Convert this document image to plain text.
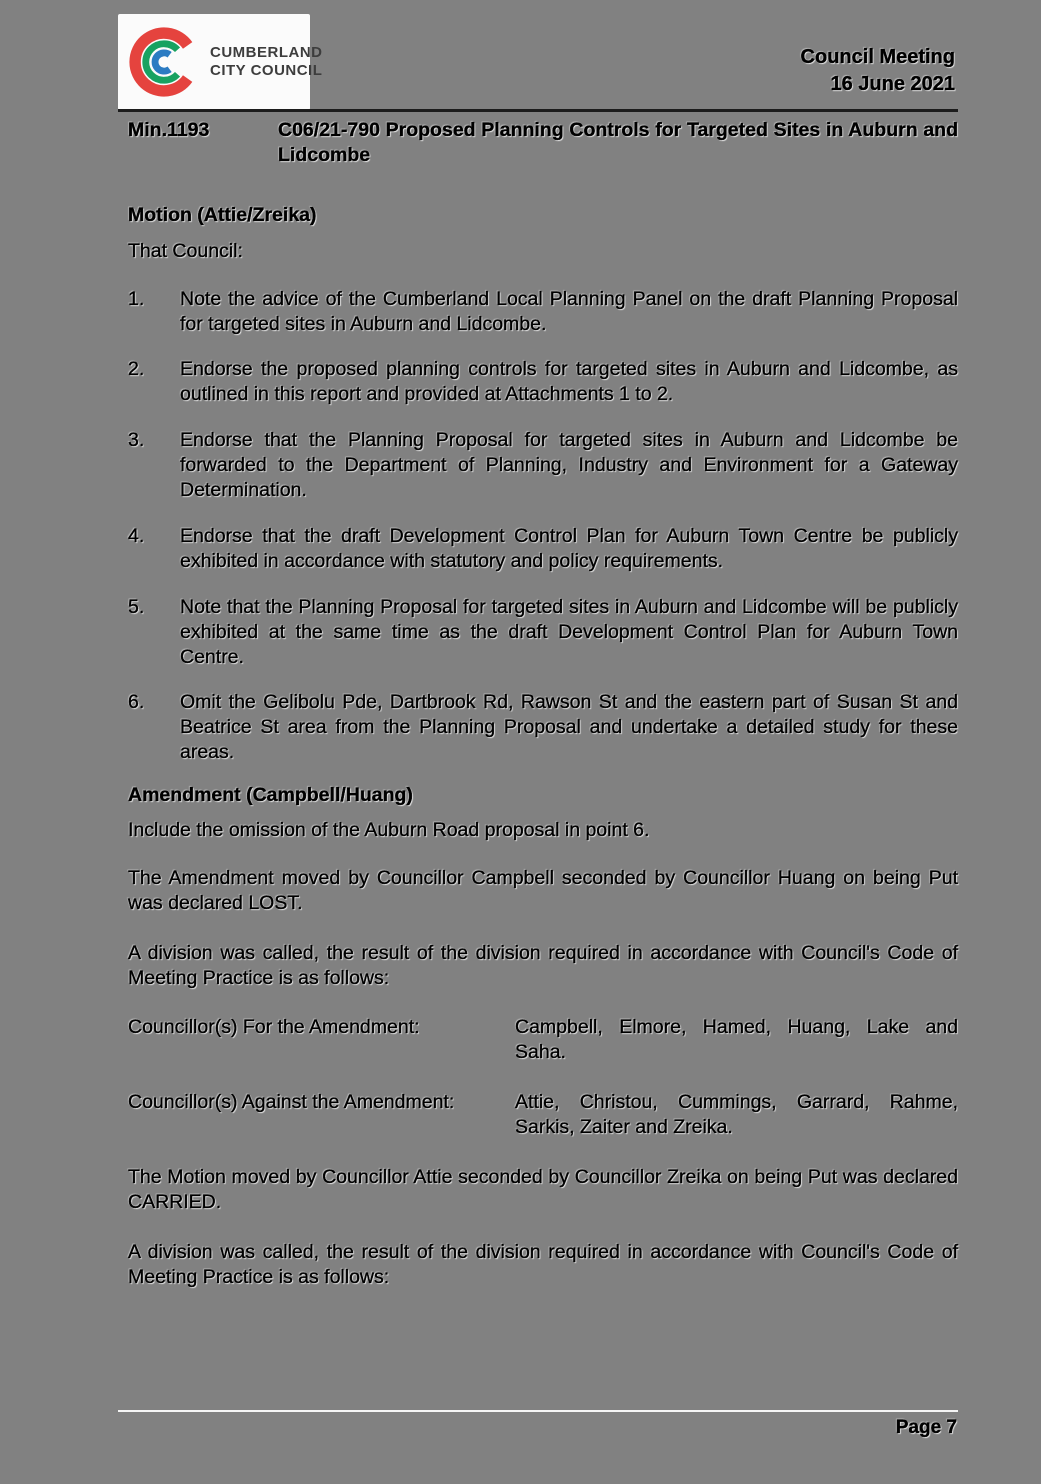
CUMBERLAND
CITY COUNCIL
Council Meeting
16 June 2021
Min.1193	C06/21-790 Proposed Planning Controls for Targeted Sites in Auburn and Lidcombe
Motion (Attie/Zreika)
That Council:
1.	Note the advice of the Cumberland Local Planning Panel on the draft Planning Proposal for targeted sites in Auburn and Lidcombe.
2.	Endorse the proposed planning controls for targeted sites in Auburn and Lidcombe, as outlined in this report and provided at Attachments 1 to 2.
3.	Endorse that the Planning Proposal for targeted sites in Auburn and Lidcombe be forwarded to the Department of Planning, Industry and Environment for a Gateway Determination.
4.	Endorse that the draft Development Control Plan for Auburn Town Centre be publicly exhibited in accordance with statutory and policy requirements.
5.	Note that the Planning Proposal for targeted sites in Auburn and Lidcombe will be publicly exhibited at the same time as the draft Development Control Plan for Auburn Town Centre.
6.	Omit the Gelibolu Pde, Dartbrook Rd, Rawson St and the eastern part of Susan St and Beatrice St area from the Planning Proposal and undertake a detailed study for these areas.
Amendment (Campbell/Huang)
Include the omission of the Auburn Road proposal in point 6.
The Amendment moved by Councillor Campbell seconded by Councillor Huang on being Put was declared LOST.
A division was called, the result of the division required in accordance with Council's Code of Meeting Practice is as follows:
Councillor(s) For the Amendment:	Campbell, Elmore, Hamed, Huang, Lake and Saha.
Councillor(s) Against the Amendment:	Attie, Christou, Cummings, Garrard, Rahme, Sarkis, Zaiter and Zreika.
The Motion moved by Councillor Attie seconded by Councillor Zreika on being Put was declared CARRIED.
A division was called, the result of the division required in accordance with Council's Code of Meeting Practice is as follows:
Page 7
